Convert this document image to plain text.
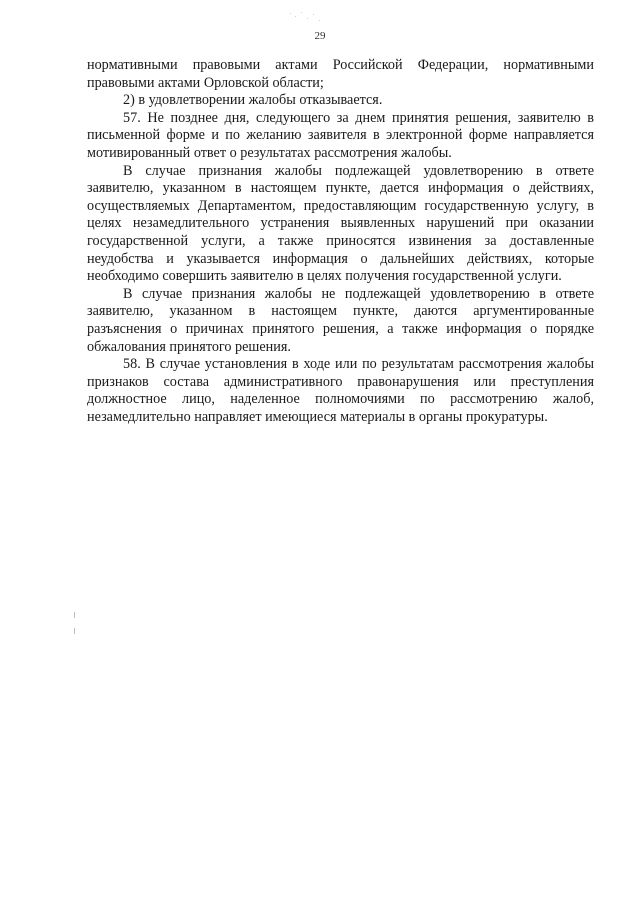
29

нормативными правовыми актами Российской Федерации, нормативными правовыми актами Орловской области;

2) в удовлетворении жалобы отказывается.

57. Не позднее дня, следующего за днем принятия решения, заявителю в письменной форме и по желанию заявителя в электронной форме направляется мотивированный ответ о результатах рассмотрения жалобы.

В случае признания жалобы подлежащей удовлетворению в ответе заявителю, указанном в настоящем пункте, дается информация о действиях, осуществляемых Департаментом, предоставляющим государственную услугу, в целях незамедлительного устранения выявленных нарушений при оказании государственной услуги, а также приносятся извинения за доставленные неудобства и указывается информация о дальнейших действиях, которые необходимо совершить заявителю в целях получения государственной услуги.

В случае признания жалобы не подлежащей удовлетворению в ответе заявителю, указанном в настоящем пункте, даются аргументированные разъяснения о причинах принятого решения, а также информация о порядке обжалования принятого решения.

58. В случае установления в ходе или по результатам рассмотрения жалобы признаков состава административного правонарушения или преступления должностное лицо, наделенное полномочиями по рассмотрению жалоб, незамедлительно направляет имеющиеся материалы в органы прокуратуры.
